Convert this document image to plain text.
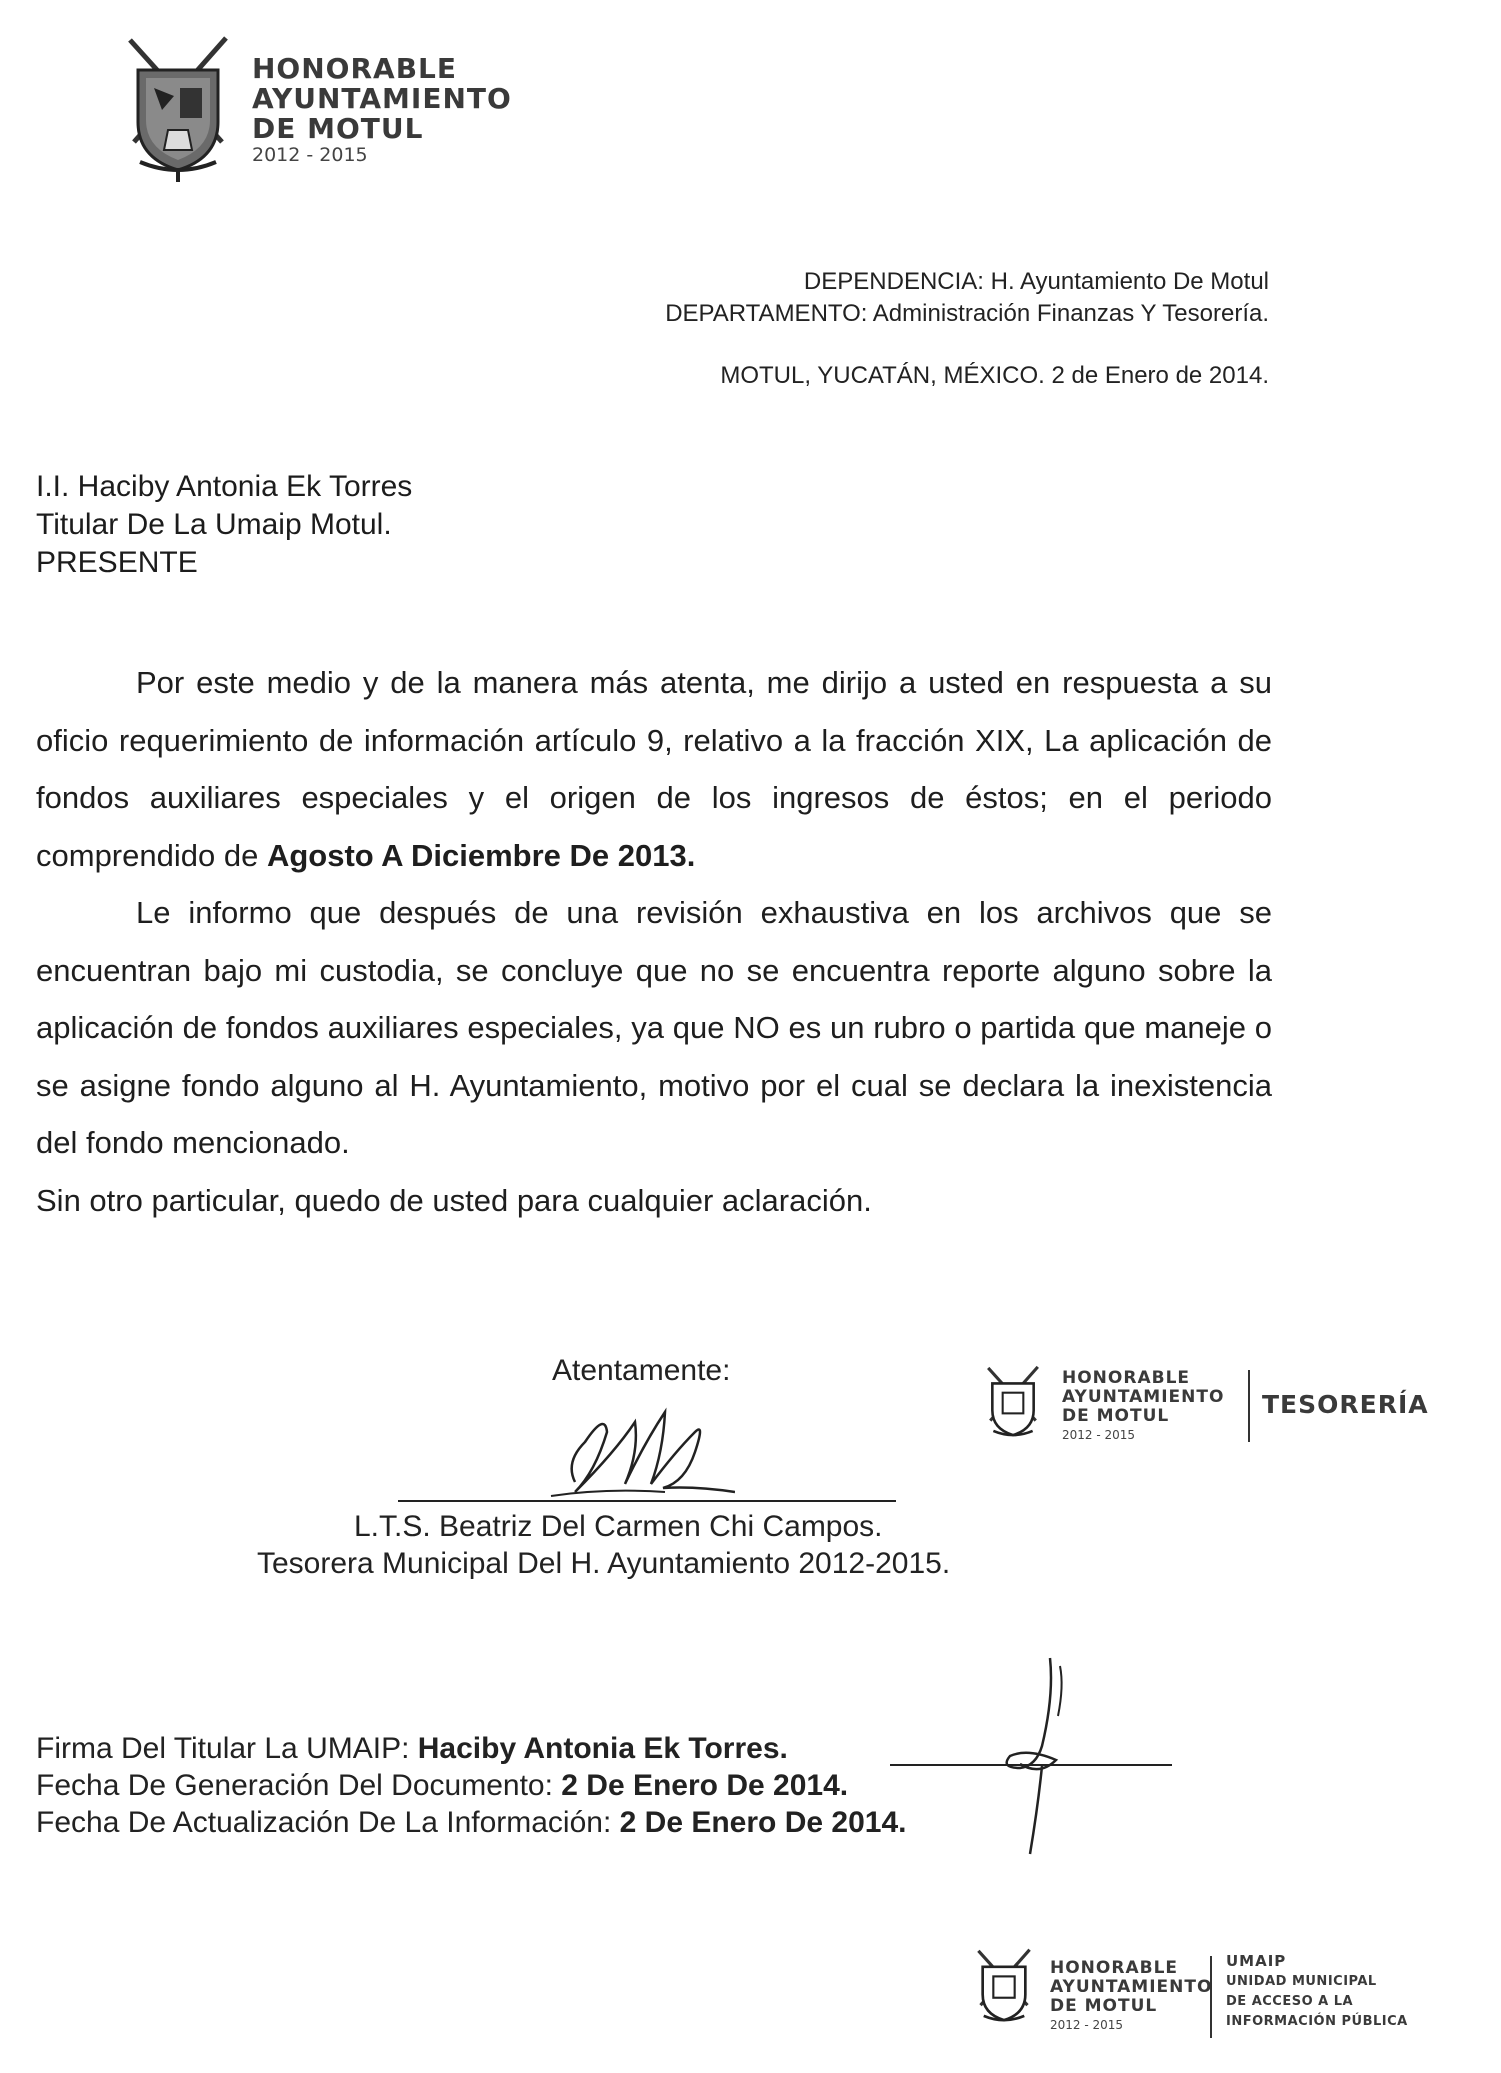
HONORABLE
AYUNTAMIENTO
DE MOTUL
2012 - 2015
DEPENDENCIA: H. Ayuntamiento De Motul
DEPARTAMENTO: Administración Finanzas Y Tesorería.
MOTUL, YUCATÁN, MÉXICO. 2 de Enero de 2014.
I.I. Haciby Antonia Ek Torres
Titular De La Umaip Motul.
PRESENTE

Por este medio y de la manera más atenta, me dirijo a usted en respuesta a su oficio requerimiento de información artículo 9, relativo a la fracción XIX, La aplicación de fondos auxiliares especiales y el origen de los ingresos de éstos; en el periodo comprendido de Agosto A Diciembre De 2013.

Le informo que después de una revisión exhaustiva en los archivos que se encuentran bajo mi custodia, se concluye que no se encuentra reporte alguno sobre la aplicación de fondos auxiliares especiales, ya que NO es un rubro o partida que maneje o se asigne fondo alguno al H. Ayuntamiento, motivo por el cual se declara la inexistencia del fondo mencionado.

Sin otro particular, quedo de usted para cualquier aclaración.

Atentamente:
L.T.S. Beatriz Del Carmen Chi Campos.
Tesorera Municipal Del H. Ayuntamiento 2012-2015.
HONORABLE
AYUNTAMIENTO
DE MOTUL
2012 - 2015
TESORERÍA
Firma Del Titular La UMAIP: Haciby Antonia Ek Torres.
Fecha De Generación Del Documento: 2 De Enero De 2014.
Fecha De Actualización De La Información: 2 De Enero De 2014.
HONORABLE
AYUNTAMIENTO
DE MOTUL
2012 - 2015
UMAIP
UNIDAD MUNICIPAL
DE ACCESO A LA
INFORMACIÓN PÚBLICA
